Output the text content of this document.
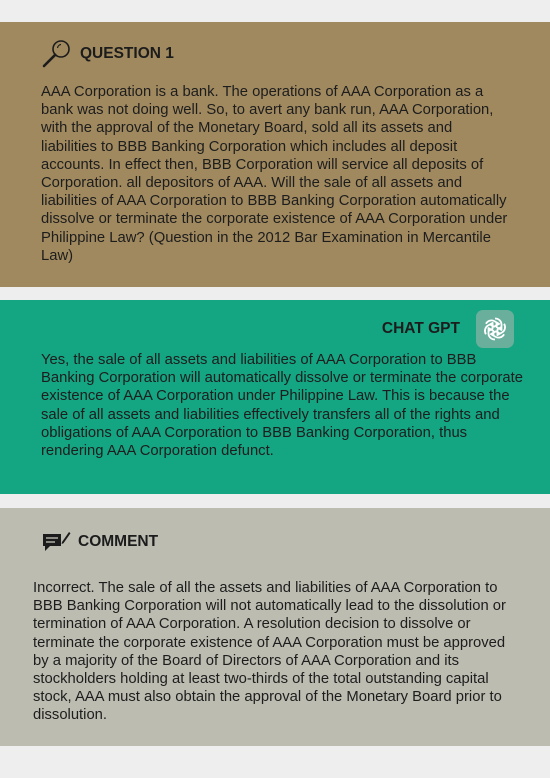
QUESTION 1

AAA Corporation is a bank. The operations of AAA Corporation as a bank was not doing well. So, to avert any bank run, AAA Corporation, with the approval of the Monetary Board, sold all its assets and liabilities to BBB Banking Corporation which includes all deposit accounts. In effect then, BBB Corporation will service all deposits of Corporation. all depositors of AAA. Will the sale of all assets and liabilities of AAA Corporation to BBB Banking Corporation automatically dissolve or terminate the corporate existence of AAA Corporation under Philippine Law? (Question in the 2012 Bar Examination in Mercantile Law)

CHAT GPT

Yes, the sale of all assets and liabilities of AAA Corporation to BBB Banking Corporation will automatically dissolve or terminate the corporate existence of AAA Corporation under Philippine Law. This is because the sale of all assets and liabilities effectively transfers all of the rights and obligations of AAA Corporation to BBB Banking Corporation, thus rendering AAA Corporation defunct.

COMMENT

Incorrect. The sale of all the assets and liabilities of AAA Corporation to BBB Banking Corporation will not automatically lead to the dissolution or termination of AAA Corporation. A resolution decision to dissolve or terminate the corporate existence of AAA Corporation must be approved by a majority of the Board of Directors of AAA Corporation and its stockholders holding at least two-thirds of the total outstanding capital stock, AAA must also obtain the approval of the Monetary Board prior to dissolution.
